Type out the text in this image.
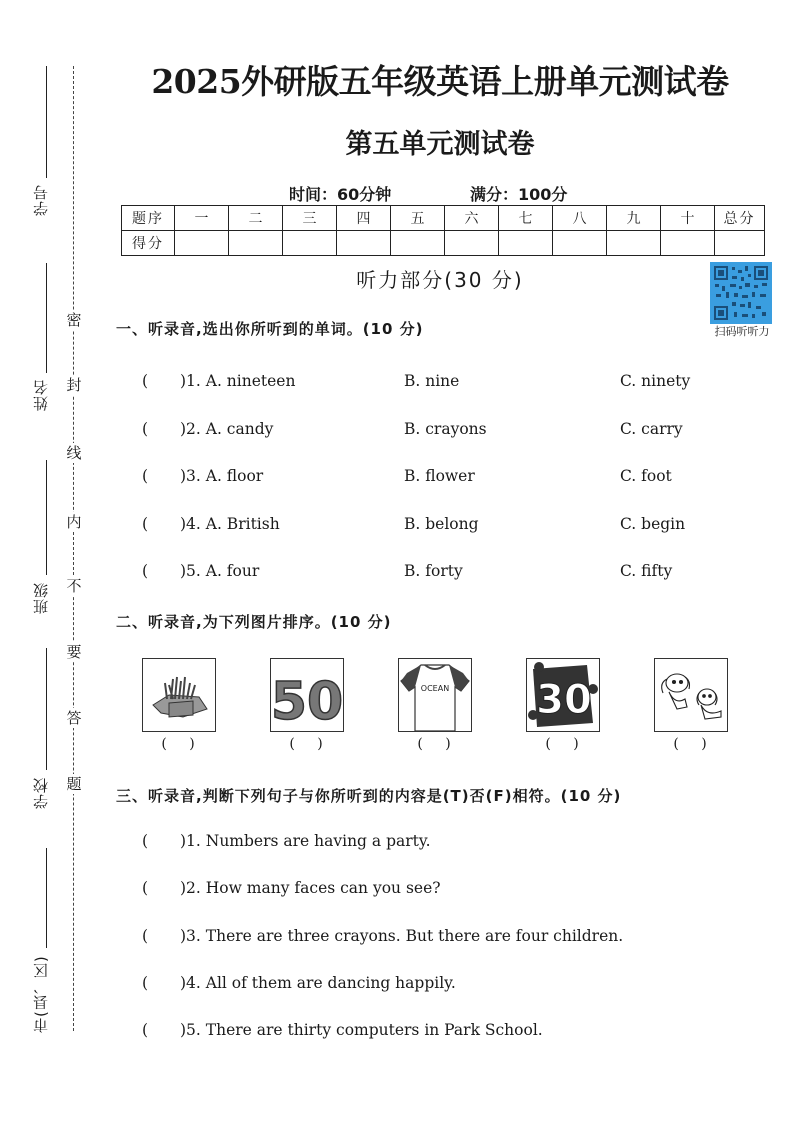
学号
姓名
班级
学校
市(县、区)
密
封
线
内
不
要
答
题
2025外研版五年级英语上册单元测试卷
第五单元测试卷
时间：60分钟	满分：100分
题序	一	二	三	四	五	六	七	八	九	十	总分
得分											
听力部分(30 分)
扫码听听力
一、听录音,选出你所听到的单词。(10 分)
( )1. A. nineteen	B. nine	C. ninety
( )2. A. candy	B. crayons	C. carry
( )3. A. floor	B. flower	C. foot
( )4. A. British	B. belong	C. begin
( )5. A. four	B. forty	C. fifty
二、听录音,为下列图片排序。(10 分)
50	OCEAN 30
( )	( )	( )	( )	( )
三、听录音,判断下列句子与你所听到的内容是(T)否(F)相符。(10 分)
( )1. Numbers are having a party.
( )2. How many faces can you see?
( )3. There are three crayons. But there are four children.
( )4. All of them are dancing happily.
( )5. There are thirty computers in Park School.
